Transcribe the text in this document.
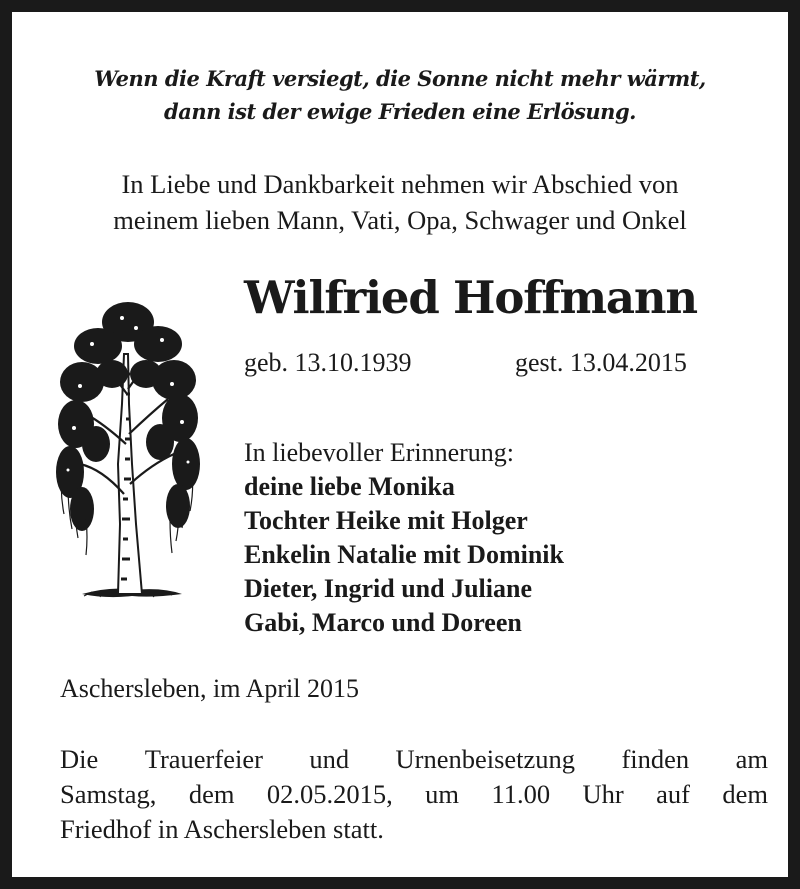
Wenn die Kraft versiegt, die Sonne nicht mehr wärmt,
dann ist der ewige Frieden eine Erlösung.
In Liebe und Dankbarkeit nehmen wir Abschied von
meinem lieben Mann, Vati, Opa, Schwager und Onkel
Wilfried Hoffmann
geb. 13.10.1939	gest. 13.04.2015
In liebevoller Erinnerung:
deine liebe Monika
Tochter Heike mit Holger
Enkelin Natalie mit Dominik
Dieter, Ingrid und Juliane
Gabi, Marco und Doreen
Aschersleben, im April 2015
Die Trauerfeier und Urnenbeisetzung finden am
Samstag, dem 02.05.2015, um 11.00 Uhr auf dem
Friedhof in Aschersleben statt.
